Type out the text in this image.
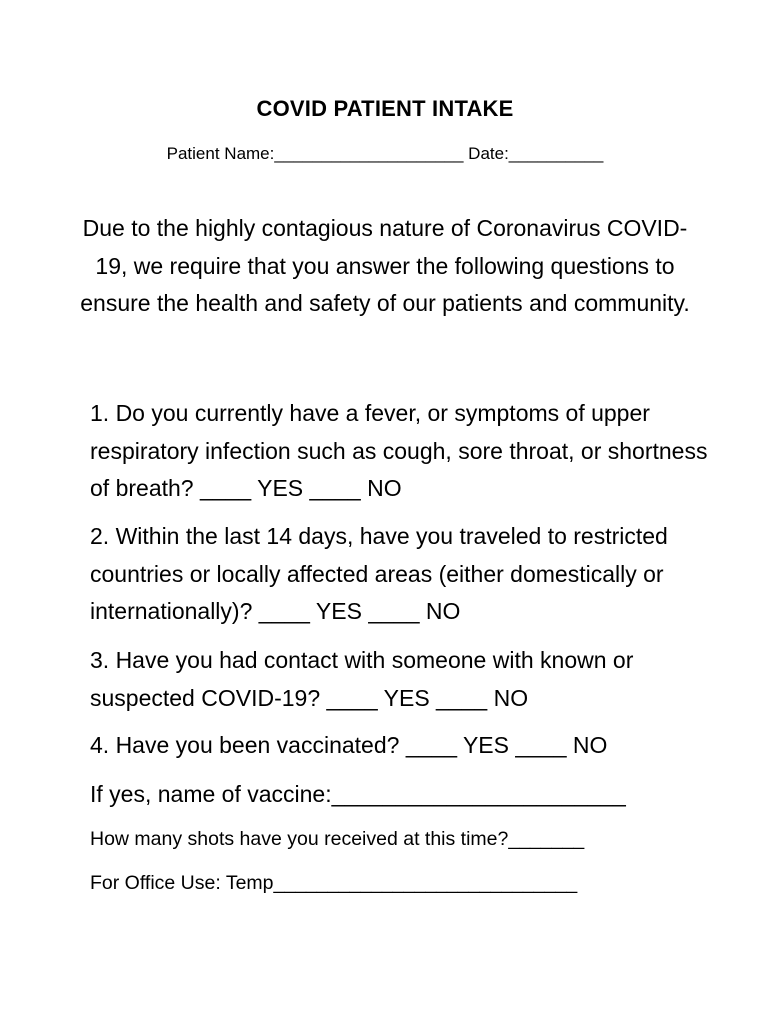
COVID PATIENT INTAKE
Patient Name:____________________ Date:__________
Due to the highly contagious nature of Coronavirus COVID-19, we require that you answer the following questions to ensure the health and safety of our patients and community.
1. Do you currently have a fever, or symptoms of upper respiratory infection such as cough, sore throat, or shortness of breath? ____ YES ____ NO
2. Within the last 14 days, have you traveled to restricted countries or locally affected areas (either domestically or internationally)? ____ YES ____ NO
3. Have you had contact with someone with known or suspected COVID-19? ____ YES ____ NO
4. Have you been vaccinated? ____ YES ____ NO
If yes, name of vaccine:_______________________
How many shots have you received at this time?_______
For Office Use: Temp____________________________
